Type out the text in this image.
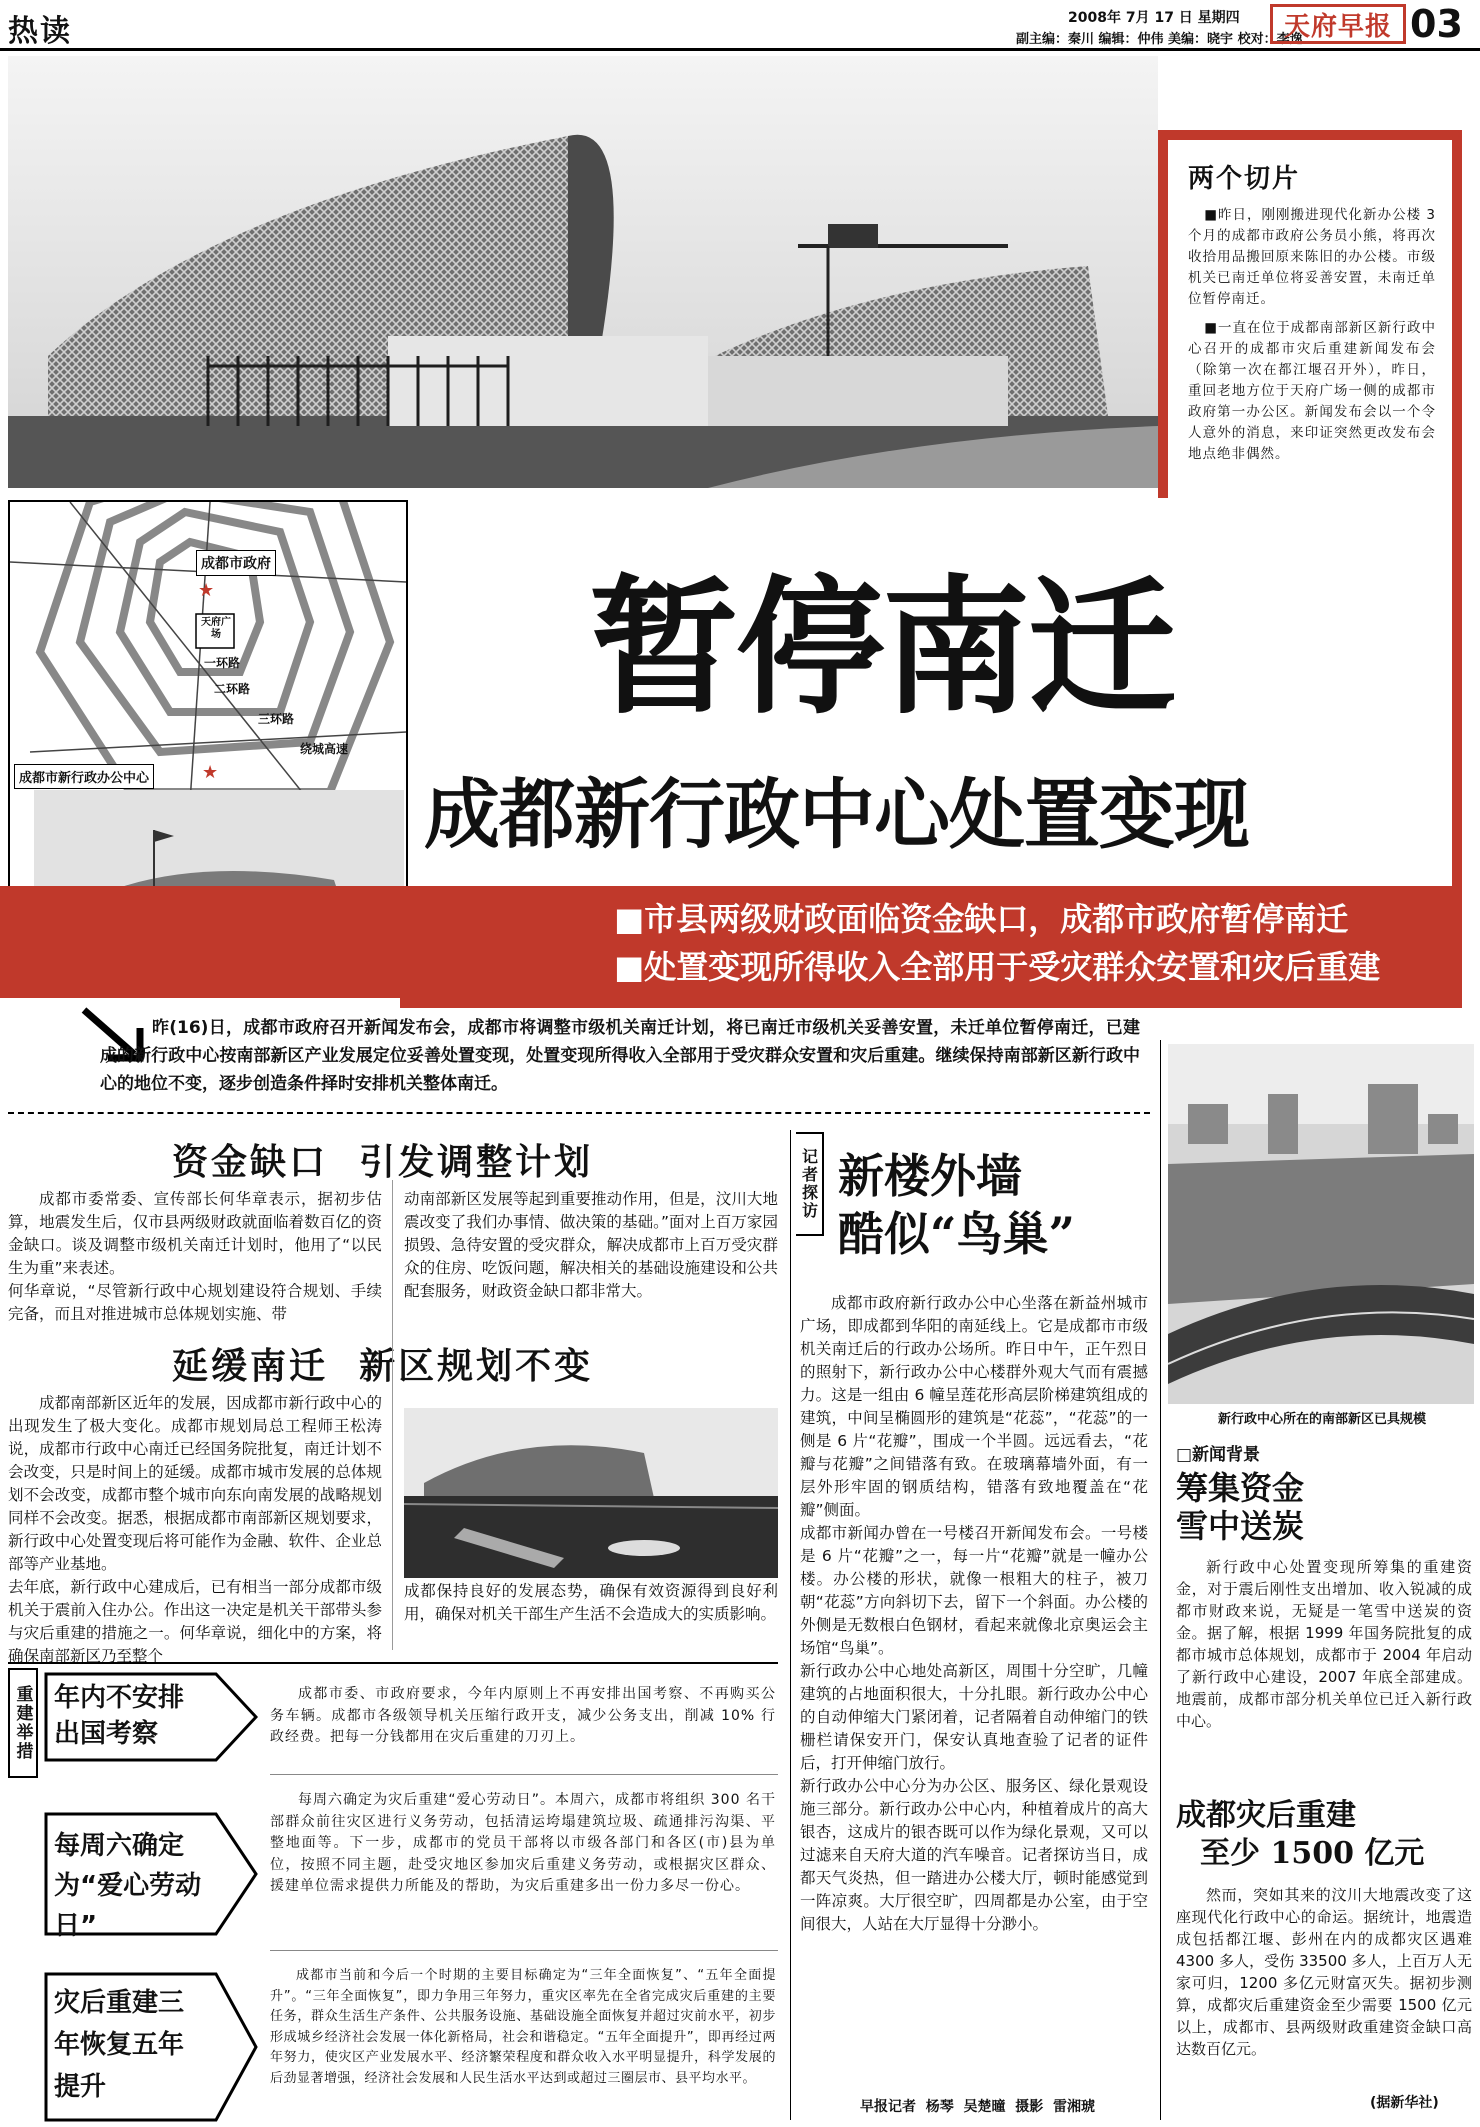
热读	2008年 7月 17 日 星期四
副主编：秦川 编辑：仲伟 美编：晓宇 校对：李逸
天府早报 03
两个切片

■昨日，刚刚搬进现代化新办公楼 3 个月的成都市政府公务员小熊，将再次收拾用品搬回原来陈旧的办公楼。市级机关已南迁单位将妥善安置，未南迁单位暂停南迁。

■一直在位于成都南部新区新行政中心召开的成都市灾后重建新闻发布会（除第一次在都江堰召开外），昨日，重回老地方位于天府广场一侧的成都市政府第一办公区。新闻发布会以一个令人意外的消息，来印证突然更改发布会地点绝非偶然。

成都市政府
★
天府广场
一环路
二环路
三环路
绕城高速
成都市新行政办公中心	★
暂停南迁
成都新行政中心处置变现
■市县两级财政面临资金缺口，成都市政府暂停南迁
■处置变现所得收入全部用于受灾群众安置和灾后重建

昨(16)日，成都市政府召开新闻发布会，成都市将调整市级机关南迁计划，将已南迁市级机关妥善安置，未迁单位暂停南迁，已建成的新行政中心按南部新区产业发展定位妥善处置变现，处置变现所得收入全部用于受灾群众安置和灾后重建。继续保持南部新区新行政中心的地位不变，逐步创造条件择时安排机关整体南迁。

新行政中心所在的南部新区已具规模
资金缺口  引发调整计划
成都市委常委、宣传部长何华章表示，据初步估算，地震发生后，仅市县两级财政就面临着数百亿的资金缺口。谈及调整市级机关南迁计划时，他用了“以民生为重”来表述。
何华章说，“尽管新行政中心规划建设符合规划、手续完备，而且对推进城市总体规划实施、带
动南部新区发展等起到重要推动作用，但是，汶川大地震改变了我们办事情、做决策的基础。”面对上百万家园损毁、急待安置的受灾群众，解决成都市上百万受灾群众的住房、吃饭问题，解决相关的基础设施建设和公共配套服务，财政资金缺口都非常大。
延缓南迁  新区规划不变
成都南部新区近年的发展，因成都市新行政中心的出现发生了极大变化。成都市规划局总工程师王松涛说，成都市行政中心南迁已经国务院批复，南迁计划不会改变，只是时间上的延缓。成都市城市发展的总体规划不会改变，成都市整个城市向东向南发展的战略规划同样不会改变。据悉，根据成都市南部新区规划要求，新行政中心处置变现后将可能作为金融、软件、企业总部等产业基地。
去年底，新行政中心建成后，已有相当一部分成都市级机关于震前入住办公。作出这一决定是机关干部带头参与灾后重建的措施之一。何华章说，细化中的方案，将确保南部新区乃至整个
成都保持良好的发展态势，确保有效资源得到良好利用，确保对机关干部生产生活不会造成大的实质影响。
重建举措 年内不安排出国考察

成都市委、市政府要求，今年内原则上不再安排出国考察、不再购买公务车辆。成都市各级领导机关压缩行政开支，减少公务支出，削减 10% 行政经费。把每一分钱都用在灾后重建的刀刃上。

每周六确定为“爱心劳动日”

每周六确定为灾后重建“爱心劳动日”。本周六，成都市将组织 300 名干部群众前往灾区进行义务劳动，包括清运垮塌建筑垃圾、疏通排污沟渠、平整地面等。下一步，成都市的党员干部将以市级各部门和各区(市)县为单位，按照不同主题，赴受灾地区参加灾后重建义务劳动，或根据灾区群众、援建单位需求提供力所能及的帮助，为灾后重建多出一份力多尽一份心。

灾后重建三年恢复五年提升

成都市当前和今后一个时期的主要目标确定为“三年全面恢复”、“五年全面提升”。“三年全面恢复”，即力争用三年努力，重灾区率先在全省完成灾后重建的主要任务，群众生活生产条件、公共服务设施、基础设施全面恢复并超过灾前水平，初步形成城乡经济社会发展一体化新格局，社会和谐稳定。“五年全面提升”，即再经过两年努力，使灾区产业发展水平、经济繁荣程度和群众收入水平明显提升，科学发展的后劲显著增强，经济社会发展和人民生活水平达到或超过三圈层市、县平均水平。

记者探访 新楼外墙
酷似“鸟巢”
成都市政府新行政办公中心坐落在新益州城市广场，即成都到华阳的南延线上。它是成都市市级机关南迁后的行政办公场所。昨日中午，正午烈日的照射下，新行政办公中心楼群外观大气而有震撼力。这是一组由 6 幢呈莲花形高层阶梯建筑组成的建筑，中间呈椭圆形的建筑是“花蕊”，“花蕊”的一侧是 6 片“花瓣”，围成一个半圆。远远看去，“花瓣与花瓣”之间错落有致。在玻璃幕墙外面，有一层外形牢固的钢质结构，错落有致地覆盖在“花瓣”侧面。
成都市新闻办曾在一号楼召开新闻发布会。一号楼是 6 片“花瓣”之一，每一片“花瓣”就是一幢办公楼。办公楼的形状，就像一根粗大的柱子，被刀朝“花蕊”方向斜切下去，留下一个斜面。办公楼的外侧是无数根白色钢材，看起来就像北京奥运会主场馆“鸟巢”。
新行政办公中心地处高新区，周围十分空旷，几幢建筑的占地面积很大，十分扎眼。新行政办公中心的自动伸缩大门紧闭着，记者隔着自动伸缩门的铁栅栏请保安开门，保安认真地查验了记者的证件后，打开伸缩门放行。
新行政办公中心分为办公区、服务区、绿化景观设施三部分。新行政办公中心内，种植着成片的高大银杏，这成片的银杏既可以作为绿化景观，又可以过滤来自天府大道的汽车噪音。记者探访当日，成都天气炎热，但一踏进办公楼大厅，顿时能感觉到一阵凉爽。大厅很空旷，四周都是办公室，由于空间很大，人站在大厅显得十分渺小。
早报记者  杨琴  吴楚曈  摄影  雷湘琥
□新闻背景
筹集资金
雪中送炭

新行政中心处置变现所筹集的重建资金，对于震后刚性支出增加、收入锐减的成都市财政来说，无疑是一笔雪中送炭的资金。据了解，根据 1999 年国务院批复的成都市城市总体规划，成都市于 2004 年启动了新行政中心建设，2007 年底全部建成。地震前，成都市部分机关单位已迁入新行政中心。

成都灾后重建
至少 1500 亿元

然而，突如其来的汶川大地震改变了这座现代化行政中心的命运。据统计，地震造成包括都江堰、彭州在内的成都灾区遇难 4300 多人，受伤 33500 多人，上百万人无家可归，1200 多亿元财富灭失。据初步测算，成都灾后重建资金至少需要 1500 亿元以上，成都市、县两级财政重建资金缺口高达数百亿元。

(据新华社)
